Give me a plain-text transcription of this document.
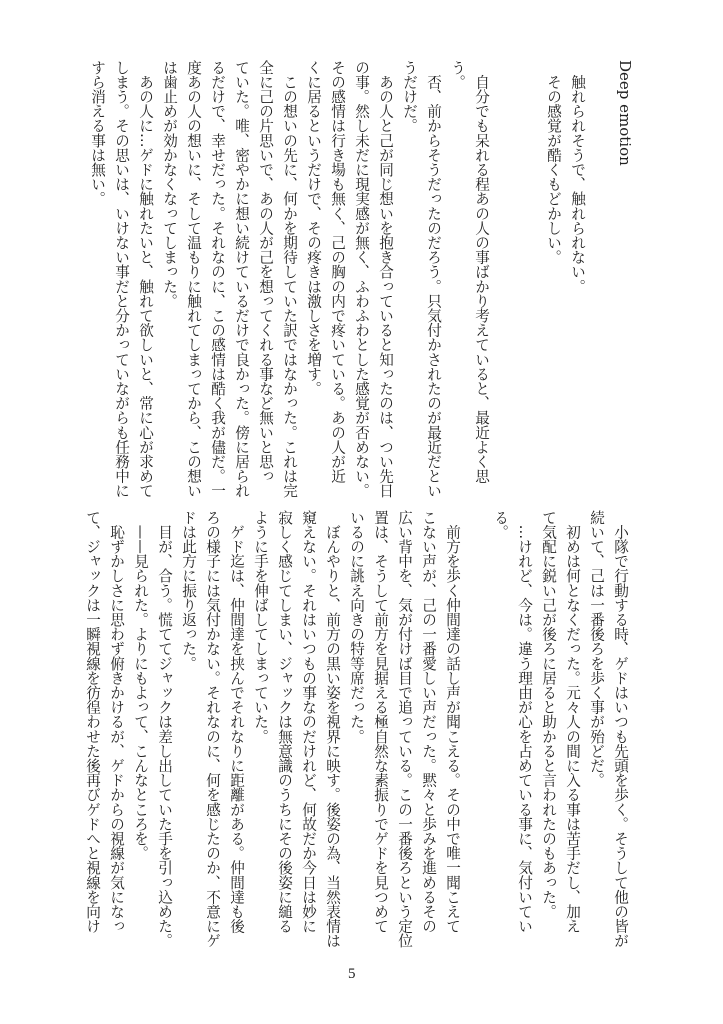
Deep emotion
　触れられそうで、触れられない。
　その感覚が酷くもどかしい。
　自分でも呆れる程あの人の事ばかり考えていると、最近よく思
う。
　否、前からそうだったのだろう。只気付かされたのが最近だとい
うだけだ。
　あの人と己が同じ想いを抱き合っていると知ったのは、つい先日
の事。然し未だに現実感が無く、ふわふわとした感覚が否めない。
その感情は行き場も無く、己の胸の内で疼いている。あの人が近
くに居るというだけで、その疼きは激しさを増す。
　この想いの先に、何かを期待していた訳ではなかった。これは完
全に己の片思いで、あの人が己を想ってくれる事など無いと思っ
ていた。唯、密やかに想い続けているだけで良かった。傍に居られ
るだけで、幸せだった。それなのに、この感情は酷く我が儘だ。一
度あの人の想いに、そして温もりに触れてしまってから、この想い
は歯止めが効かなくなってしまった。
　あの人に…ゲドに触れたいと、触れて欲しいと、常に心が求めて
しまう。その思いは、いけない事だと分かっていながらも任務中に
すら消える事は無い。
　小隊で行動する時、ゲドはいつも先頭を歩く。そうして他の皆が
続いて、己は一番後ろを歩く事が殆どだ。
　初めは何となくだった。元々人の間に入る事は苦手だし、加え
て気配に鋭い己が後ろに居ると助かると言われたのもあった。
　…けれど、今は。違う理由が心を占めている事に、気付いてい
る。
　前方を歩く仲間達の話し声が聞こえる。その中で唯一聞こえて
こない声が、己の一番愛しい声だった。黙々と歩みを進めるその
広い背中を、気が付けば目で追っている。この一番後ろという定位
置は、そうして前方を見据える極自然な素振りでゲドを見つめて
いるのに誂え向きの特等席だった。
　ぼんやりと、前方の黒い姿を視界に映す。後姿の為、当然表情は
窺えない。それはいつもの事なのだけれど、何故だか今日は妙に
寂しく感じてしまい、ジャックは無意識のうちにその後姿に縋る
ように手を伸ばしてしまっていた。
　ゲド迄は、仲間達を挟んでそれなりに距離がある。仲間達も後
ろの様子には気付かない。それなのに、何を感じたのか、不意にゲ
ドは此方に振り返った。
　目が、合う。慌ててジャックは差し出していた手を引っ込めた。
　——見られた。よりにもよって、こんなところを。
　恥ずかしさに思わず俯きかけるが、ゲドからの視線が気になっ
て、ジャックは一瞬視線を彷徨わせた後再びゲドへと視線を向け
5
